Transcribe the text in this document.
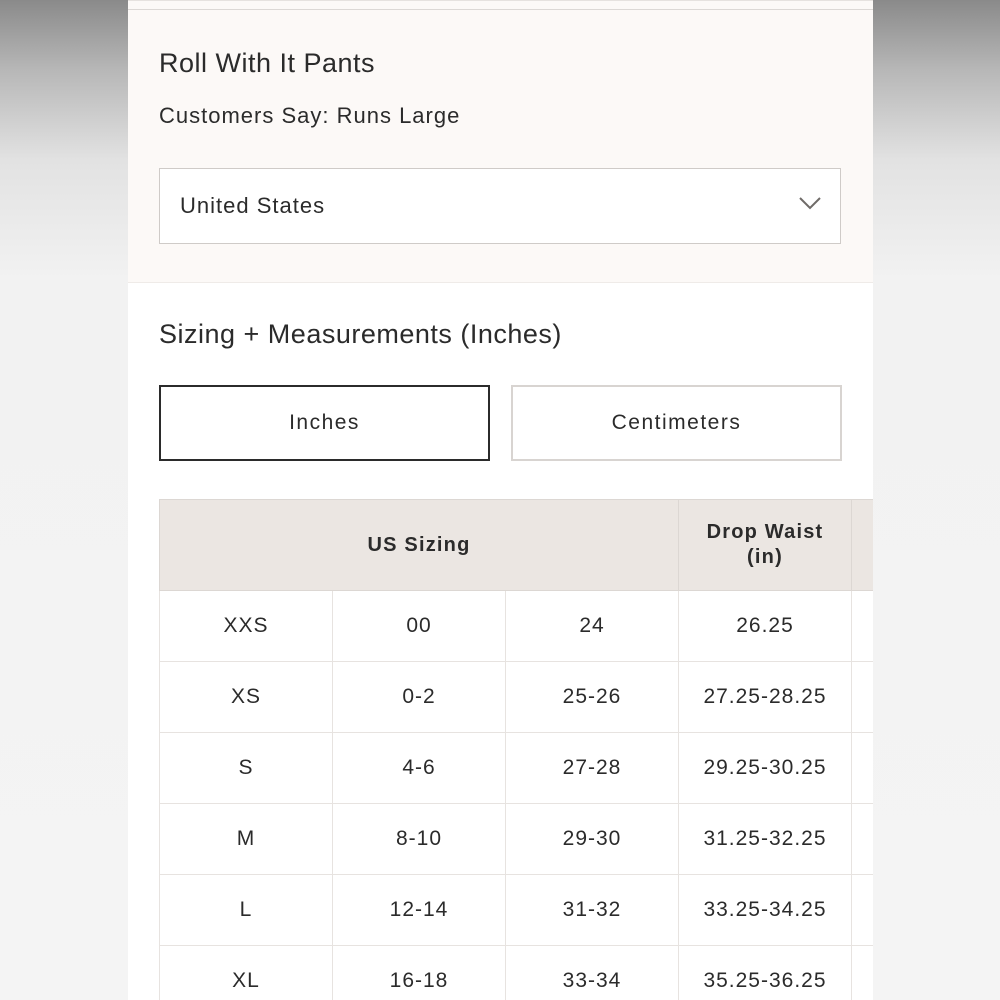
Roll With It Pants
Customers Say: Runs Large
United States
Sizing + Measurements (Inches)
Inches	Centimeters
US Sizing			Drop Waist
(in)	
XXS	00	24	26.25	
XS	0-2	25-26	27.25-28.25	
S	4-6	27-28	29.25-30.25	
M	8-10	29-30	31.25-32.25	
L	12-14	31-32	33.25-34.25	
XL	16-18	33-34	35.25-36.25	
